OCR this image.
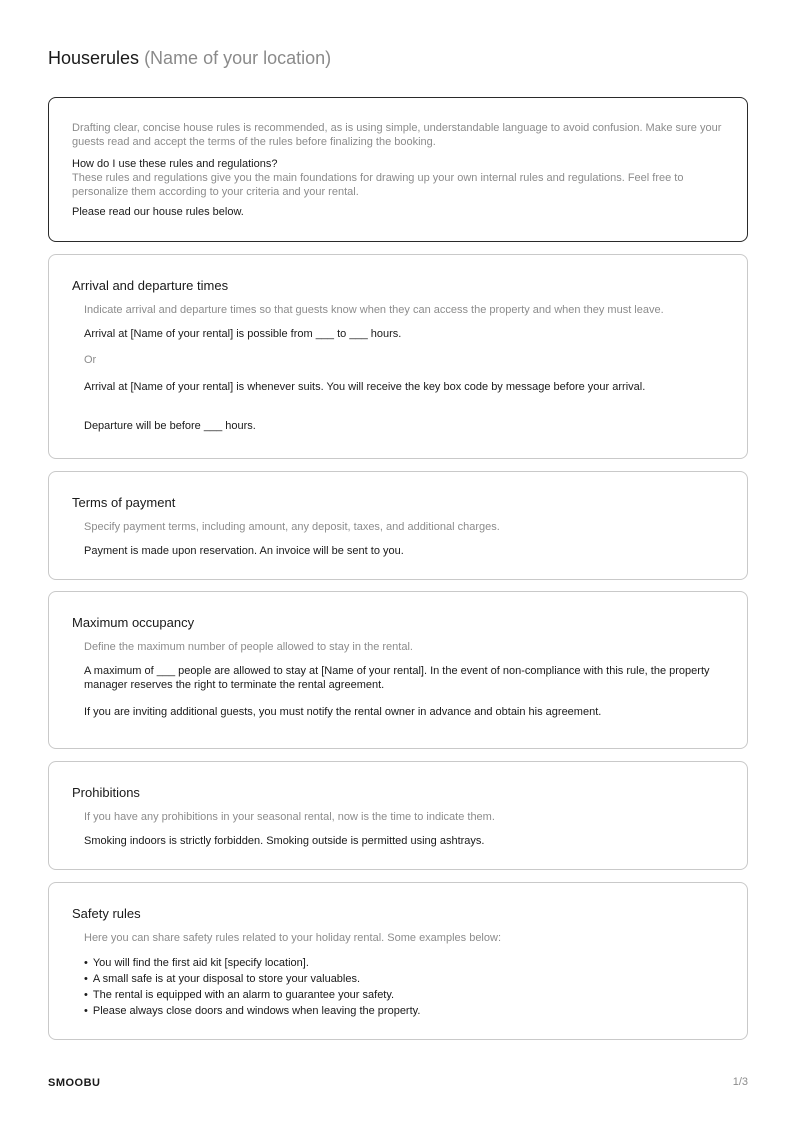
Houserules (Name of your location)
Drafting clear, concise house rules is recommended, as is using simple, understandable language to avoid confusion. Make sure your guests read and accept the terms of the rules before finalizing the booking.
How do I use these rules and regulations?
These rules and regulations give you the main foundations for drawing up your own internal rules and regulations. Feel free to personalize them according to your criteria and your rental.
Please read our house rules below.
Arrival and departure times
Indicate arrival and departure times so that guests know when they can access the property and when they must leave.
Arrival at [Name of your rental] is possible from ___ to ___ hours.
Or
Arrival at [Name of your rental] is whenever suits. You will receive the key box code by message before your arrival.
Departure will be before ___ hours.
Terms of payment
Specify payment terms, including amount, any deposit, taxes, and additional charges.
Payment is made upon reservation. An invoice will be sent to you.
Maximum occupancy
Define the maximum number of people allowed to stay in the rental.
A maximum of ___ people are allowed to stay at [Name of your rental]. In the event of non-compliance with this rule, the property manager reserves the right to terminate the rental agreement.
If you are inviting additional guests, you must notify the rental owner in advance and obtain his agreement.
Prohibitions
If you have any prohibitions in your seasonal rental, now is the time to indicate them.
Smoking indoors is strictly forbidden. Smoking outside is permitted using ashtrays.
Safety rules
Here you can share safety rules related to your holiday rental. Some examples below:
• You will find the first aid kit [specify location].
• A small safe is at your disposal to store your valuables.
• The rental is equipped with an alarm to guarantee your safety.
• Please always close doors and windows when leaving the property.
SMOOBU	1/3
